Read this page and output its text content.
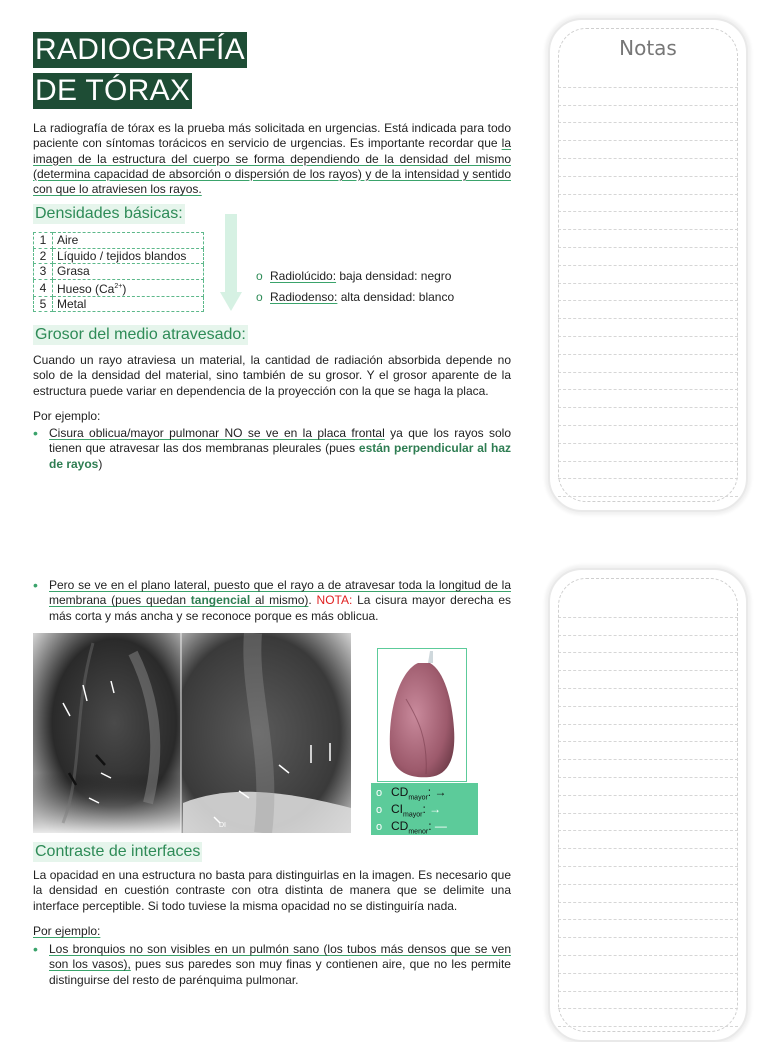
RADIOGRAFÍA
DE TÓRAX
Notas

La radiografía de tórax es la prueba más solicitada en urgencias. Está indicada para todo paciente con síntomas torácicos en servicio de urgencias. Es importante recordar que la imagen de la estructura del cuerpo se forma dependiendo de la densidad del mismo (determina capacidad de absorción o dispersión de los rayos) y de la intensidad y sentido con que lo atraviesen los rayos.

Densidades básicas:
1	Aire
2	Líquido / tejidos blandos
3	Grasa
4	Hueso $(Ca^{2+})$
5	Metal
o Radiolúcido: baja densidad: negro
o Radiodenso: alta densidad: blanco
Grosor del medio atravesado:

Cuando un rayo atraviesa un material, la cantidad de radiación absorbida depende no solo de la densidad del material, sino también de su grosor. Y el grosor aparente de la estructura puede variar en dependencia de la proyección con la que se haga la placa.

Por ejemplo:

• Cisura oblicua/mayor pulmonar NO se ve en la placa frontal ya que los rayos solo tienen que atravesar las dos membranas pleurales (pues están perpendicular al haz de rayos)

• Pero se ve en el plano lateral, puesto que el rayo a de atravesar toda la longitud de la membrana (pues quedan tangencial al mismo). NOTA: La cisura mayor derecha es más corta y más ancha y se reconoce porque es más oblicua.

DI
o $CD_{mayor}$: →
o $CI_{mayor}$: →
o $CD_{menor}$: —
Contraste de interfaces

La opacidad en una estructura no basta para distinguirlas en la imagen. Es necesario que la densidad en cuestión contraste con otra distinta de manera que se delimite una interface perceptible. Si todo tuviese la misma opacidad no se distinguiría nada.

Por ejemplo:

• Los bronquios no son visibles en un pulmón sano (los tubos más densos que se ven son los vasos), pues sus paredes son muy finas y contienen aire, que no les permite distinguirse del resto de parénquima pulmonar.
